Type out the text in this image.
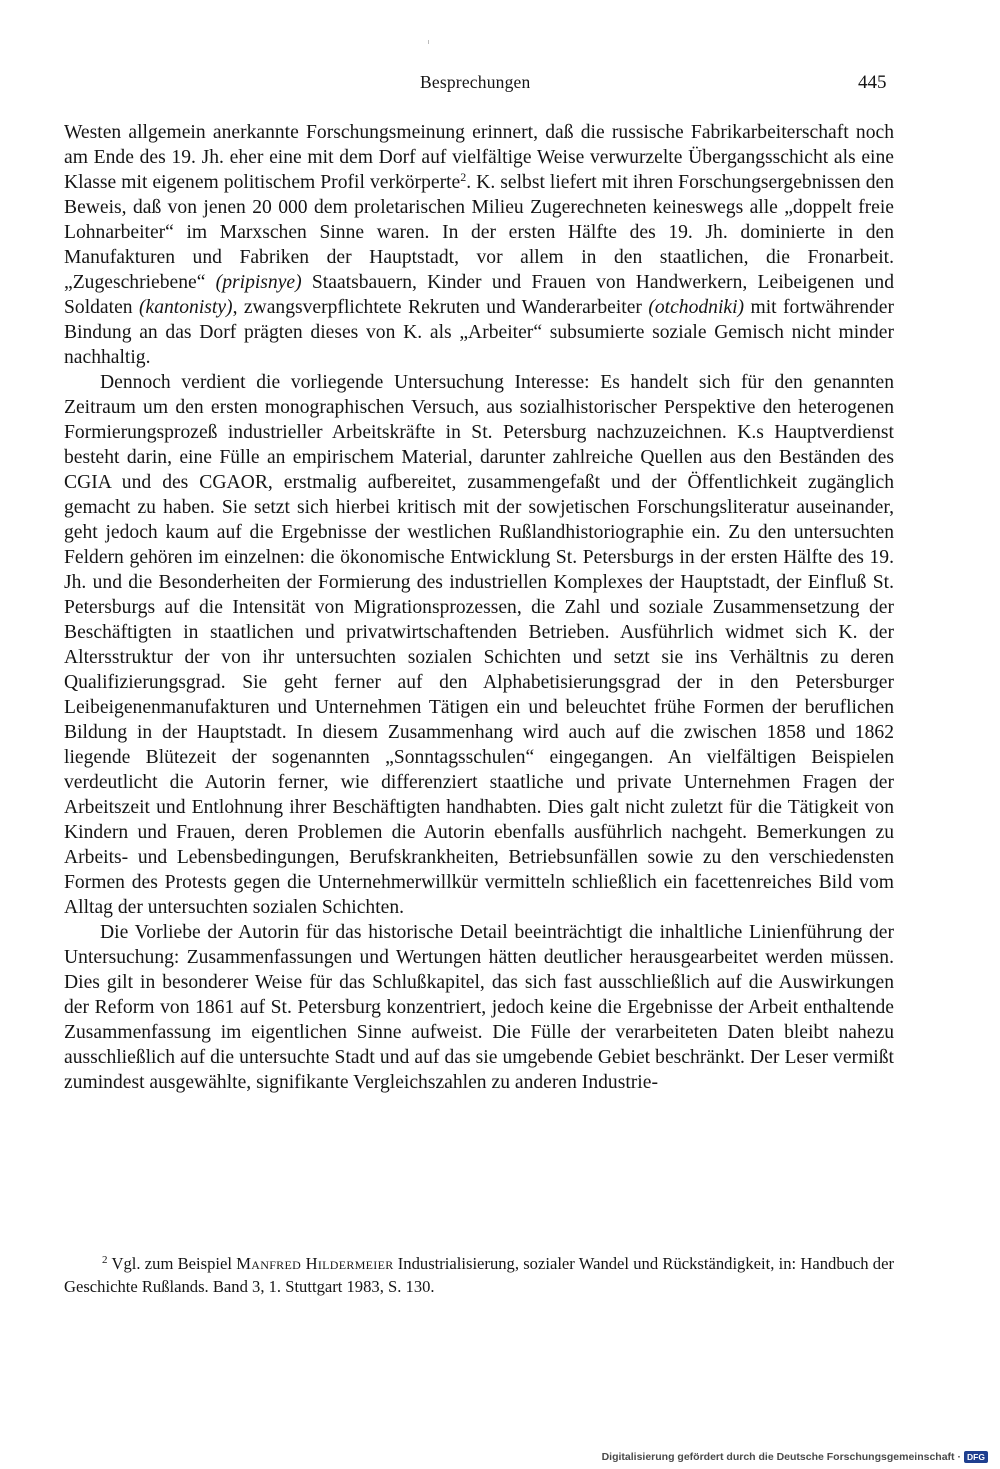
Besprechungen	445

Westen allgemein anerkannte Forschungsmeinung erinnert, daß die russische Fabrikarbeiterschaft noch am Ende des 19. Jh. eher eine mit dem Dorf auf vielfältige Weise verwurzelte Übergangsschicht als eine Klasse mit eigenem politischem Profil verkörperte$^2$. K. selbst liefert mit ihren Forschungsergebnissen den Beweis, daß von jenen 20 000 dem proletarischen Milieu Zugerechneten keineswegs alle „doppelt freie Lohnarbeiter“ im Marxschen Sinne waren. In der ersten Hälfte des 19. Jh. dominierte in den Manufakturen und Fabriken der Hauptstadt, vor allem in den staatlichen, die Fronarbeit. „Zugeschriebene“ (pripisnye) Staatsbauern, Kinder und Frauen von Handwerkern, Leibeigenen und Soldaten (kantonisty), zwangsverpflichtete Rekruten und Wanderarbeiter (otchodniki) mit fortwährender Bindung an das Dorf prägten dieses von K. als „Arbeiter“ subsumierte soziale Gemisch nicht minder nachhaltig.

Dennoch verdient die vorliegende Untersuchung Interesse: Es handelt sich für den genannten Zeitraum um den ersten monographischen Versuch, aus sozialhistorischer Perspektive den heterogenen Formierungsprozeß industrieller Arbeitskräfte in St. Petersburg nachzuzeichnen. K.s Hauptverdienst besteht darin, eine Fülle an empirischem Material, darunter zahlreiche Quellen aus den Beständen des CGIA und des CGAOR, erstmalig aufbereitet, zusammengefaßt und der Öffentlichkeit zugänglich gemacht zu haben. Sie setzt sich hierbei kritisch mit der sowjetischen Forschungsliteratur auseinander, geht jedoch kaum auf die Ergebnisse der westlichen Rußlandhistoriographie ein. Zu den untersuchten Feldern gehören im einzelnen: die ökonomische Entwicklung St. Petersburgs in der ersten Hälfte des 19. Jh. und die Besonderheiten der Formierung des industriellen Komplexes der Hauptstadt, der Einfluß St. Petersburgs auf die Intensität von Migrationsprozessen, die Zahl und soziale Zusammensetzung der Beschäftigten in staatlichen und privatwirtschaftenden Betrieben. Ausführlich widmet sich K. der Altersstruktur der von ihr untersuchten sozialen Schichten und setzt sie ins Verhältnis zu deren Qualifizierungsgrad. Sie geht ferner auf den Alphabetisierungsgrad der in den Petersburger Leibeigenenmanufakturen und Unternehmen Tätigen ein und beleuchtet frühe Formen der beruflichen Bildung in der Hauptstadt. In diesem Zusammenhang wird auch auf die zwischen 1858 und 1862 liegende Blütezeit der sogenannten „Sonntagsschulen“ eingegangen. An vielfältigen Beispielen verdeutlicht die Autorin ferner, wie differenziert staatliche und private Unternehmen Fragen der Arbeitszeit und Entlohnung ihrer Beschäftigten handhabten. Dies galt nicht zuletzt für die Tätigkeit von Kindern und Frauen, deren Problemen die Autorin ebenfalls ausführlich nachgeht. Bemerkungen zu Arbeits- und Lebensbedingungen, Berufskrankheiten, Betriebsunfällen sowie zu den verschiedensten Formen des Protests gegen die Unternehmerwillkür vermitteln schließlich ein facettenreiches Bild vom Alltag der untersuchten sozialen Schichten.

Die Vorliebe der Autorin für das historische Detail beeinträchtigt die inhaltliche Linienführung der Untersuchung: Zusammenfassungen und Wertungen hätten deutlicher herausgearbeitet werden müssen. Dies gilt in besonderer Weise für das Schlußkapitel, das sich fast ausschließlich auf die Auswirkungen der Reform von 1861 auf St. Petersburg konzentriert, jedoch keine die Ergebnisse der Arbeit enthaltende Zusammenfassung im eigentlichen Sinne aufweist. Die Fülle der verarbeiteten Daten bleibt nahezu ausschließlich auf die untersuchte Stadt und auf das sie umgebende Gebiet beschränkt. Der Leser vermißt zumindest ausgewählte, signifikante Vergleichszahlen zu anderen Industrie-

$^2$ Vgl. zum Beispiel Manfred Hildermeier Industrialisierung, sozialer Wandel und Rückständigkeit, in: Handbuch der Geschichte Rußlands. Band 3, 1. Stuttgart 1983, S. 130.
Digitalisierung gefördert durch die Deutsche Forschungsgemeinschaft · DFG
